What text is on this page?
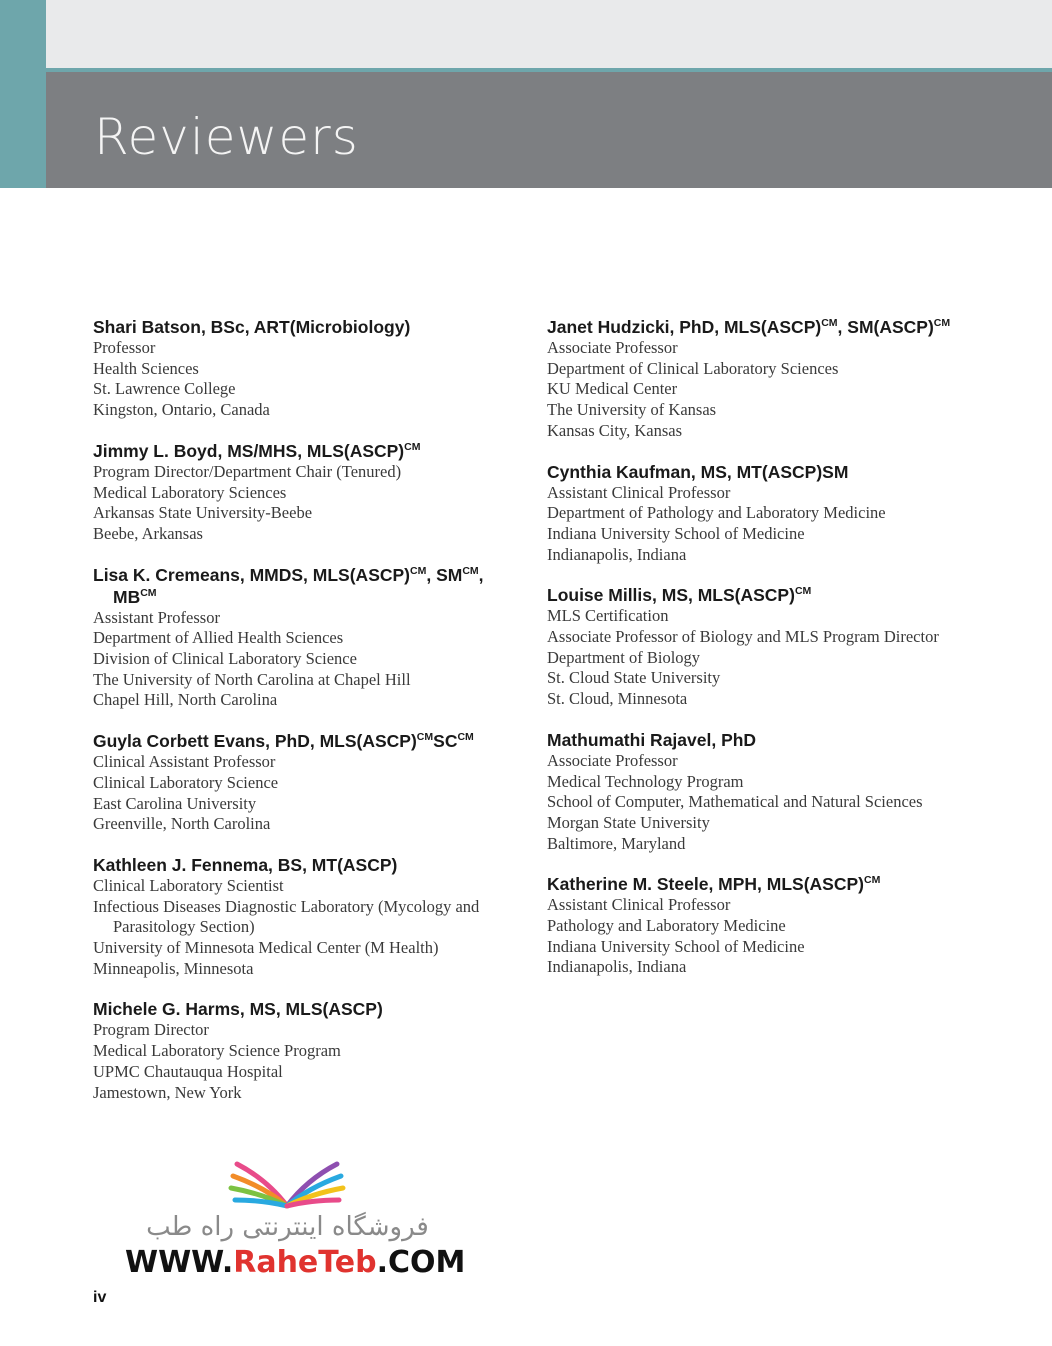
Reviewers
Shari Batson, BSc, ART(Microbiology)
Professor
Health Sciences
St. Lawrence College
Kingston, Ontario, Canada
Jimmy L. Boyd, MS/MHS, MLS(ASCP)$^{CM}$
Program Director/Department Chair (Tenured)
Medical Laboratory Sciences
Arkansas State University-Beebe
Beebe, Arkansas
Lisa K. Cremeans, MMDS, MLS(ASCP)$^{CM}$, $SM^{CM}$, $MB^{CM}$
Assistant Professor
Department of Allied Health Sciences
Division of Clinical Laboratory Science
The University of North Carolina at Chapel Hill
Chapel Hill, North Carolina
Guyla Corbett Evans, PhD, $MLS(ASCP)^{CM}SC^{CM}$
Clinical Assistant Professor
Clinical Laboratory Science
East Carolina University
Greenville, North Carolina
Kathleen J. Fennema, BS, MT(ASCP)
Clinical Laboratory Scientist
Infectious Diseases Diagnostic Laboratory (Mycology and Parasitology Section)
University of Minnesota Medical Center (M Health)
Minneapolis, Minnesota
Michele G. Harms, MS, MLS(ASCP)
Program Director
Medical Laboratory Science Program
UPMC Chautauqua Hospital
Jamestown, New York
Janet Hudzicki, PhD, MLS(ASCP)$^{CM}$, SM(ASCP)$^{CM}$
Associate Professor
Department of Clinical Laboratory Sciences
KU Medical Center
The University of Kansas
Kansas City, Kansas
Cynthia Kaufman, MS, MT(ASCP)SM
Assistant Clinical Professor
Department of Pathology and Laboratory Medicine
Indiana University School of Medicine
Indianapolis, Indiana
Louise Millis, MS, MLS(ASCP)$^{CM}$
MLS Certification
Associate Professor of Biology and MLS Program Director
Department of Biology
St. Cloud State University
St. Cloud, Minnesota
Mathumathi Rajavel, PhD
Associate Professor
Medical Technology Program
School of Computer, Mathematical and Natural Sciences
Morgan State University
Baltimore, Maryland
Katherine M. Steele, MPH, MLS(ASCP)$^{CM}$
Assistant Clinical Professor
Pathology and Laboratory Medicine
Indiana University School of Medicine
Indianapolis, Indiana
فروشگاه اینترنتی راه طب
WWW.RaheTeb.COM
iv
